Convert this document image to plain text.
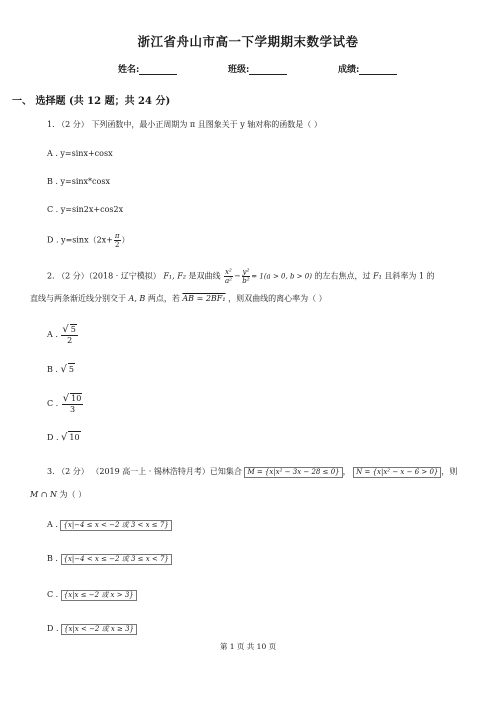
浙江省舟山市高一下学期期末数学试卷
姓名:	班级:	成绩:
一、 选择题 (共 12 题；共 24 分)
1. （2 分） 下列函数中，最小正周期为 π 且图象关于 y 轴对称的函数是（ ）
A . y=sinx+cosx
B . y=sinx*cosx
C . y=sin2x+cos2x
D . $y=\sin x(2x+ \frac{\pi}{2}$ ）
2. （2 分）（2018 · 辽宁模拟） F₁, F₂ 是双曲线 $\frac{\text{x²}}{\text{a²}} - \frac{\text{y²}}{\text{b²}} = 1(a > 0$, b > 0) 的左右焦点，过 F₁ 且斜率为 1 的
直线与两条渐近线分别交于 A, B 两点，若 AB = 2BF₁ ，则双曲线的离心率为（ ）
A . $\frac{√ 5}{2}$
B . √ 5
C . $\frac{√ 10}{3}$
D . √ 10
3. （2 分） （2019 高一上 · 锡林浩特月考）已知集合 M = {x|x² − 3x − 28 ≤ 0} ， N = {x|x² − x − 6 > 0} ，则
M ∩ N 为（ ）
A . {x|−4 ≤ x < −2 或 3 < x ≤ 7}
B . {x|−4 < x ≤ −2 或 3 ≤ x < 7}
C . {x|x ≤ −2 或 x > 3}
D . {x|x < −2 或 x ≥ 3}
第 1 页 共 10 页
